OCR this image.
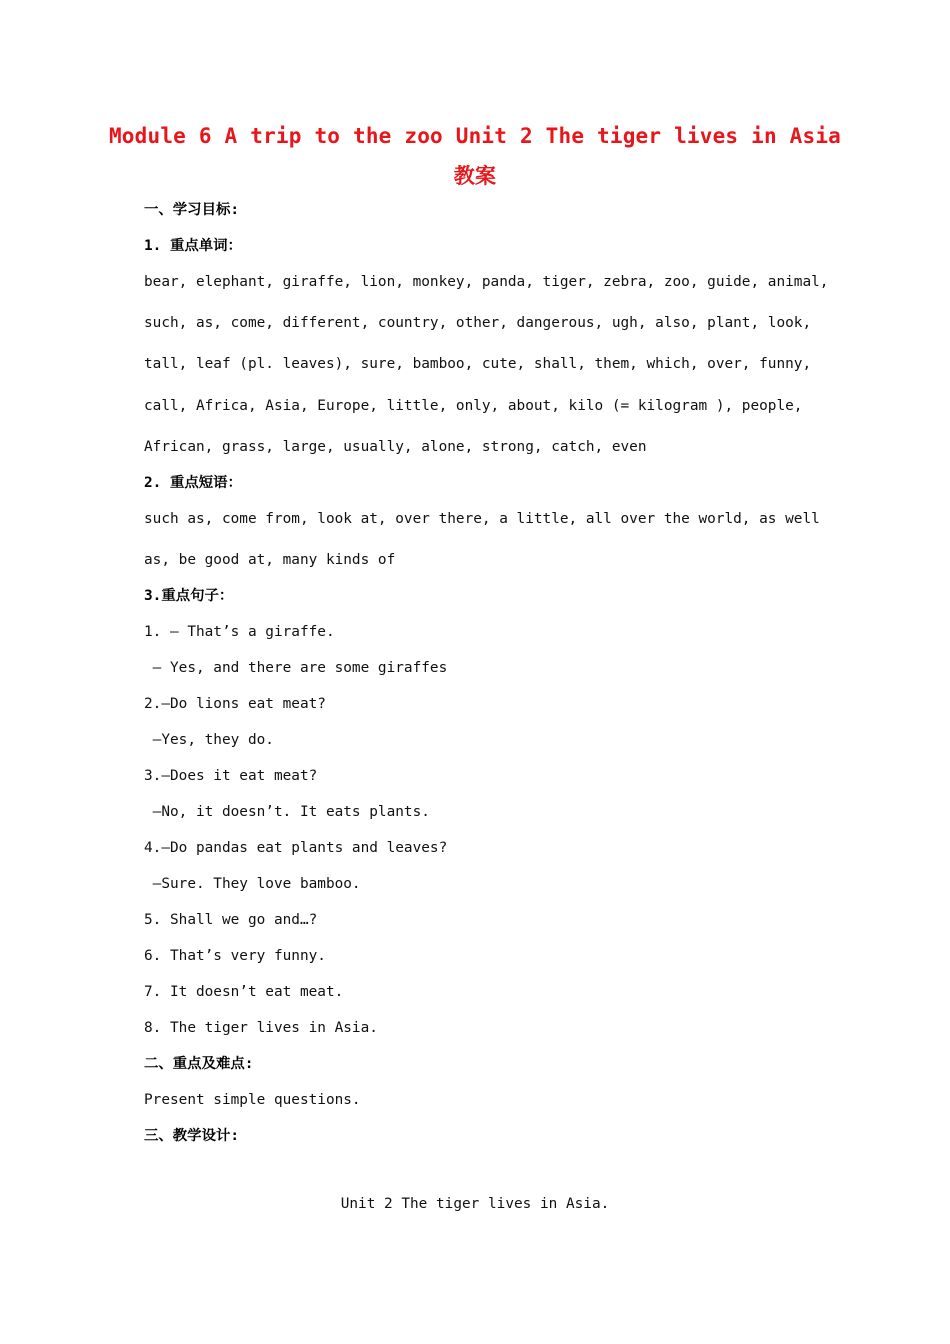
Module 6 A trip to the zoo Unit 2 The tiger lives in Asia
教案
一、学习目标:
1. 重点单词：
bear, elephant, giraffe, lion, monkey, panda, tiger, zebra, zoo, guide, animal,
such, as, come, different, country, other, dangerous, ugh, also, plant, look,
tall, leaf (pl. leaves), sure, bamboo, cute, shall, them, which, over, funny,
call, Africa, Asia, Europe, little, only, about, kilo (= kilogram ), people,
African, grass, large, usually, alone, strong, catch, even
2. 重点短语：
such as, come from, look at, over there, a little, all over the world, as well
as, be good at, many kinds of
3.重点句子：
1. — That’s a giraffe.
— Yes, and there are some giraffes
2.—Do lions eat meat?
—Yes, they do.
3.—Does it eat meat?
—No, it doesn’t. It eats plants.
4.—Do pandas eat plants and leaves?
—Sure. They love bamboo.
5. Shall we go and…?
6. That’s very funny.
7. It doesn’t eat meat.
8. The tiger lives in Asia.
二、重点及难点:
Present simple questions.
三、教学设计:
Unit 2 The tiger lives in Asia.
